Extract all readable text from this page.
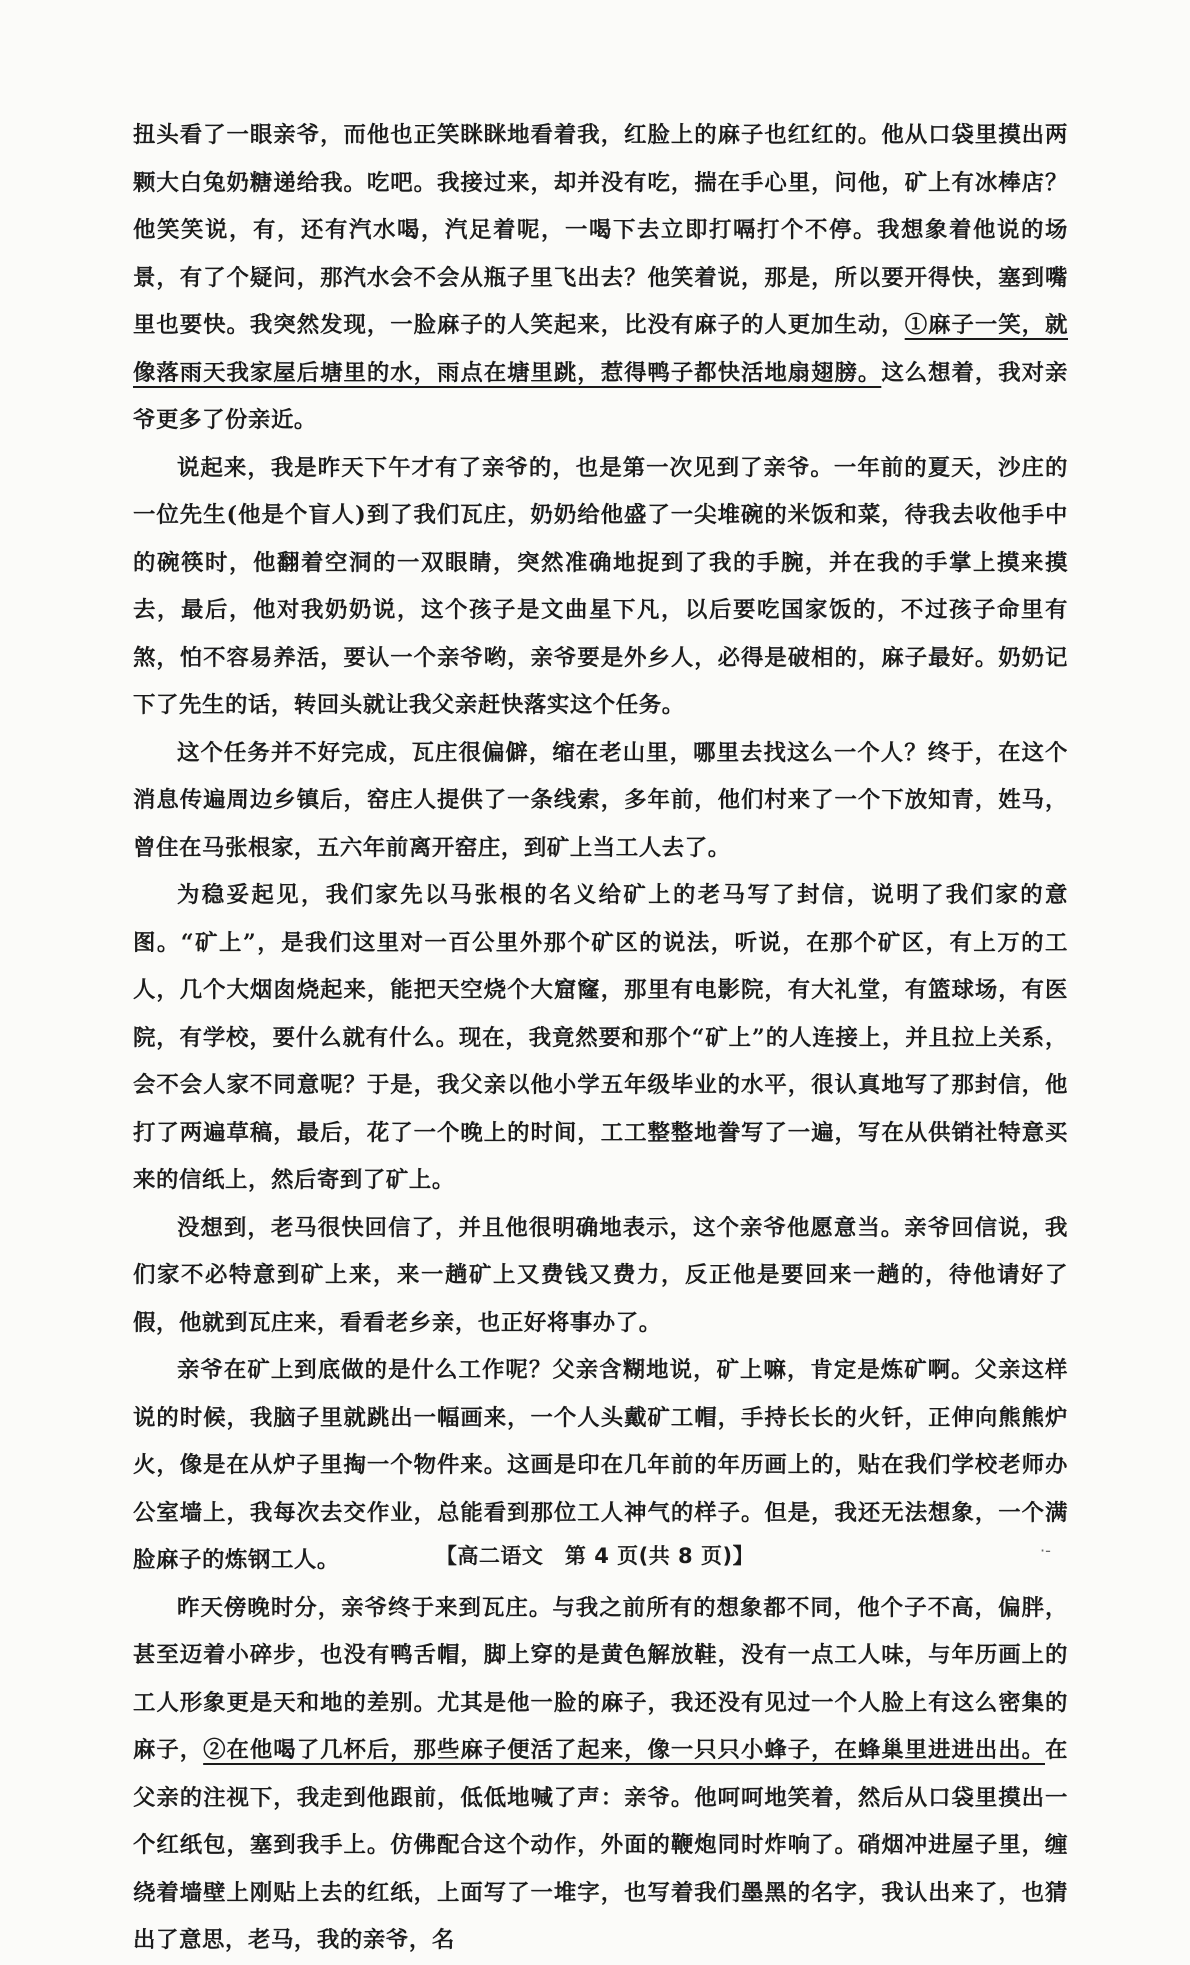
扭头看了一眼亲爷，而他也正笑眯眯地看着我，红脸上的麻子也红红的。他从口袋里摸出两颗大白兔奶糖递给我。吃吧。我接过来，却并没有吃，揣在手心里，问他，矿上有冰棒店？他笑笑说，有，还有汽水喝，汽足着呢，一喝下去立即打嗝打个不停。我想象着他说的场景，有了个疑问，那汽水会不会从瓶子里飞出去？他笑着说，那是，所以要开得快，塞到嘴里也要快。我突然发现，一脸麻子的人笑起来，比没有麻子的人更加生动，①麻子一笑，就像落雨天我家屋后塘里的水，雨点在塘里跳，惹得鸭子都快活地扇翅膀。这么想着，我对亲爷更多了份亲近。

说起来，我是昨天下午才有了亲爷的，也是第一次见到了亲爷。一年前的夏天，沙庄的一位先生(他是个盲人)到了我们瓦庄，奶奶给他盛了一尖堆碗的米饭和菜，待我去收他手中的碗筷时，他翻着空洞的一双眼睛，突然准确地捉到了我的手腕，并在我的手掌上摸来摸去，最后，他对我奶奶说，这个孩子是文曲星下凡，以后要吃国家饭的，不过孩子命里有煞，怕不容易养活，要认一个亲爷哟，亲爷要是外乡人，必得是破相的，麻子最好。奶奶记下了先生的话，转回头就让我父亲赶快落实这个任务。

这个任务并不好完成，瓦庄很偏僻，缩在老山里，哪里去找这么一个人？终于，在这个消息传遍周边乡镇后，窑庄人提供了一条线索，多年前，他们村来了一个下放知青，姓马，曾住在马张根家，五六年前离开窑庄，到矿上当工人去了。

为稳妥起见，我们家先以马张根的名义给矿上的老马写了封信，说明了我们家的意图。“矿上”，是我们这里对一百公里外那个矿区的说法，听说，在那个矿区，有上万的工人，几个大烟囱烧起来，能把天空烧个大窟窿，那里有电影院，有大礼堂，有篮球场，有医院，有学校，要什么就有什么。现在，我竟然要和那个“矿上”的人连接上，并且拉上关系，会不会人家不同意呢？于是，我父亲以他小学五年级毕业的水平，很认真地写了那封信，他打了两遍草稿，最后，花了一个晚上的时间，工工整整地誊写了一遍，写在从供销社特意买来的信纸上，然后寄到了矿上。

没想到，老马很快回信了，并且他很明确地表示，这个亲爷他愿意当。亲爷回信说，我们家不必特意到矿上来，来一趟矿上又费钱又费力，反正他是要回来一趟的，待他请好了假，他就到瓦庄来，看看老乡亲，也正好将事办了。

亲爷在矿上到底做的是什么工作呢？父亲含糊地说，矿上嘛，肯定是炼矿啊。父亲这样说的时候，我脑子里就跳出一幅画来，一个人头戴矿工帽，手持长长的火钎，正伸向熊熊炉火，像是在从炉子里掏一个物件来。这画是印在几年前的年历画上的，贴在我们学校老师办公室墙上，我每次去交作业，总能看到那位工人神气的样子。但是，我还无法想象，一个满脸麻子的炼钢工人。

昨天傍晚时分，亲爷终于来到瓦庄。与我之前所有的想象都不同，他个子不高，偏胖，甚至迈着小碎步，也没有鸭舌帽，脚上穿的是黄色解放鞋，没有一点工人味，与年历画上的工人形象更是天和地的差别。尤其是他一脸的麻子，我还没有见过一个人脸上有这么密集的麻子，②在他喝了几杯后，那些麻子便活了起来，像一只只小蜂子，在蜂巢里进进出出。在父亲的注视下，我走到他跟前，低低地喊了声：亲爷。他呵呵地笑着，然后从口袋里摸出一个红纸包，塞到我手上。仿佛配合这个动作，外面的鞭炮同时炸响了。硝烟冲进屋子里，缠绕着墙壁上刚贴上去的红纸，上面写了一堆字，也写着我们墨黑的名字，我认出来了，也猜出了意思，老马，我的亲爷，名

【高二语文　第 4 页(共 8 页)】	·-
